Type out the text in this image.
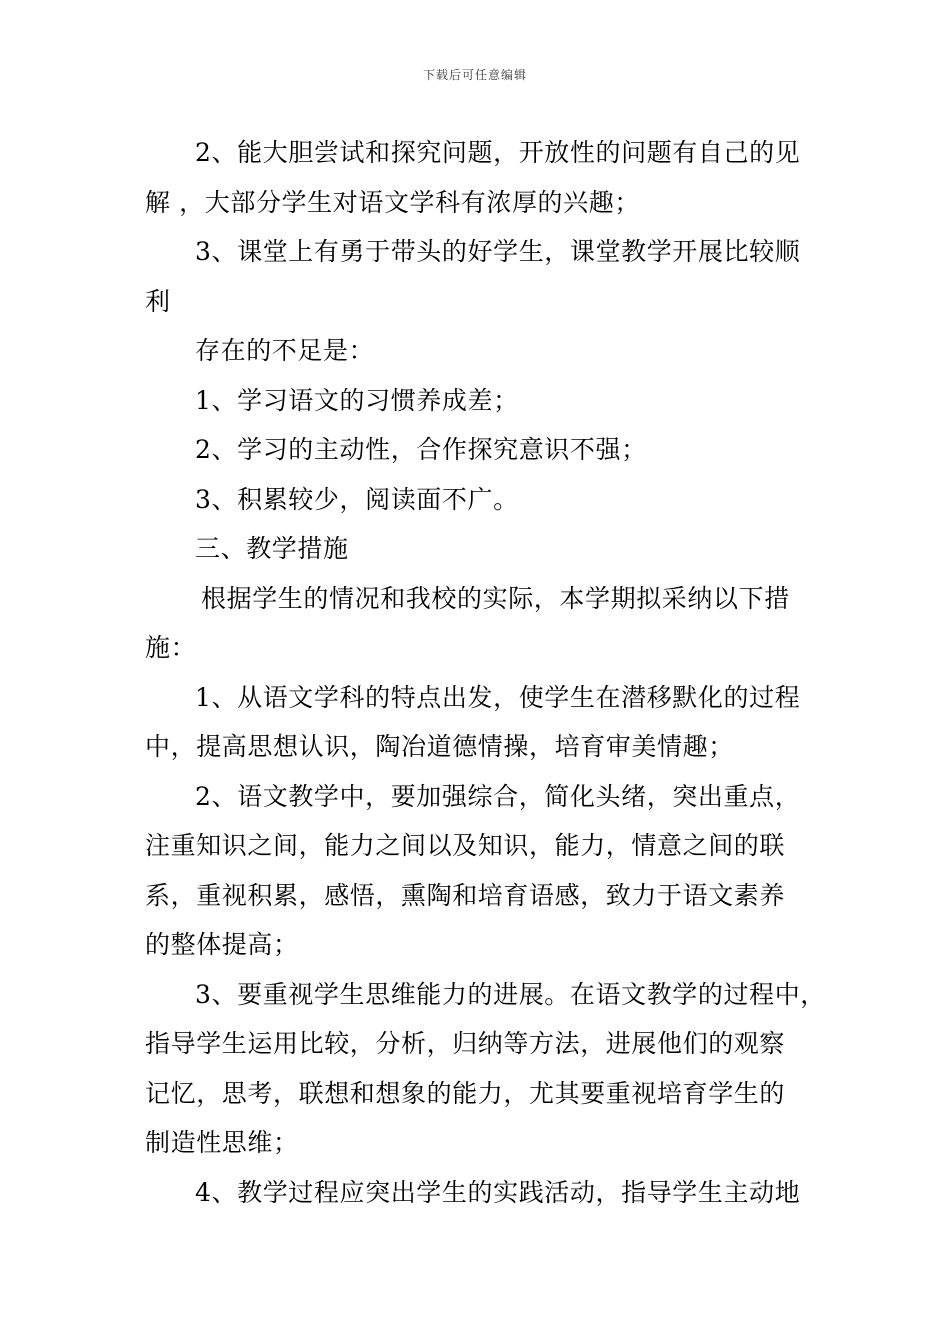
下载后可任意编辑
2、能大胆尝试和探究问题，开放性的问题有自己的见
解 ，大部分学生对语文学科有浓厚的兴趣；
3、课堂上有勇于带头的好学生，课堂教学开展比较顺
利
存在的不足是：
1、学习语文的习惯养成差；
2、学习的主动性，合作探究意识不强；
3、积累较少，阅读面不广。
三、教学措施
根据学生的情况和我校的实际，本学期拟采纳以下措
施：
1、从语文学科的特点出发，使学生在潜移默化的过程
中，提高思想认识，陶冶道德情操，培育审美情趣；
2、语文教学中，要加强综合，简化头绪，突出重点，
注重知识之间，能力之间以及知识，能力，情意之间的联
系，重视积累，感悟，熏陶和培育语感，致力于语文素养
的整体提高；
3、要重视学生思维能力的进展。在语文教学的过程中，
指导学生运用比较，分析，归纳等方法，进展他们的观察
记忆，思考，联想和想象的能力，尤其要重视培育学生的
制造性思维；
4、教学过程应突出学生的实践活动，指导学生主动地
